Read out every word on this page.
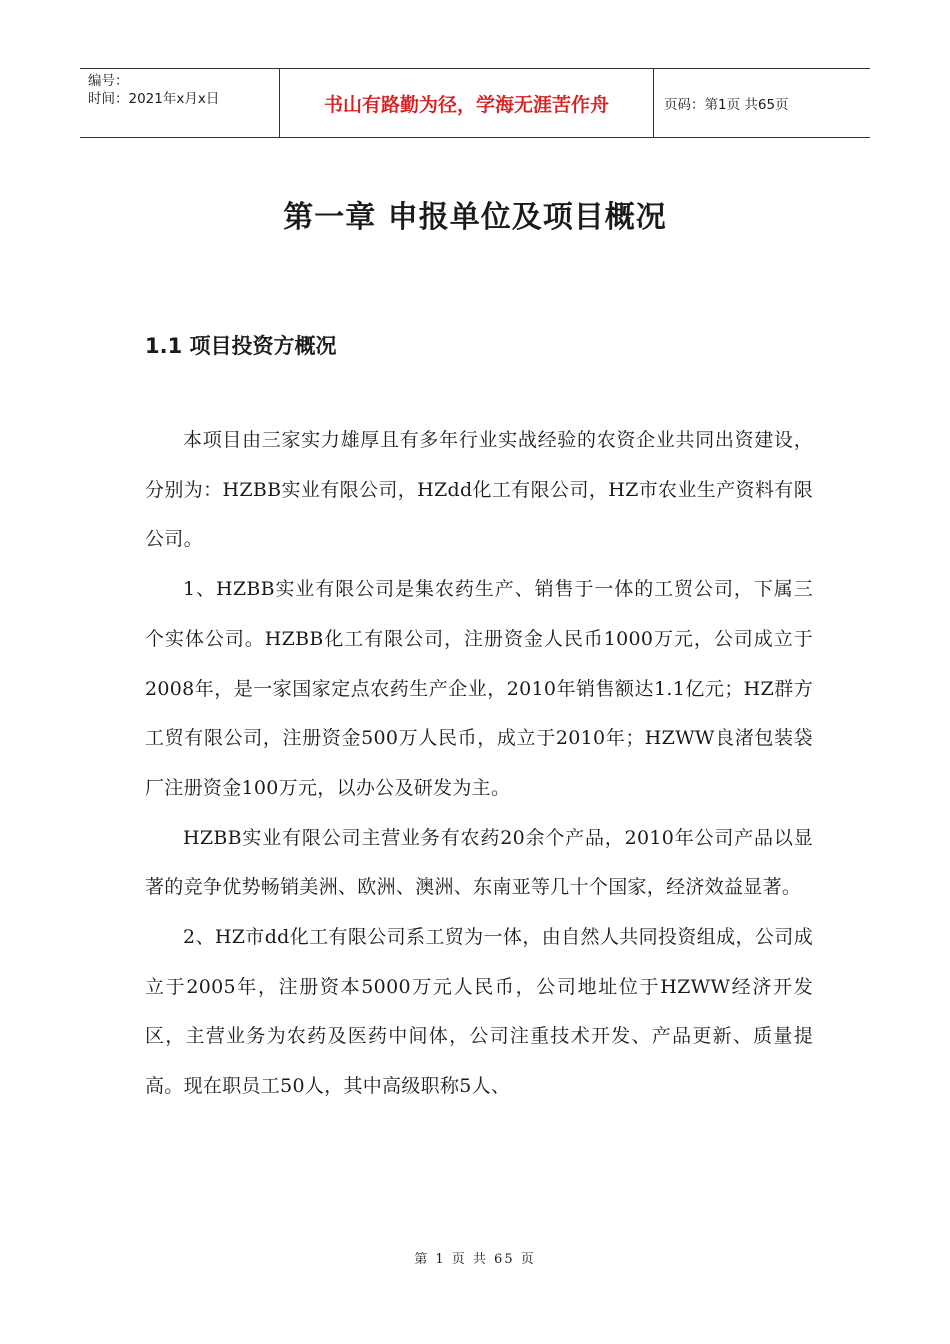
编号：
时间：2021年x月x日	书山有路勤为径，学海无涯苦作舟	页码：第1页 共65页
第一章 申报单位及项目概况
1.1 项目投资方概况

本项目由三家实力雄厚且有多年行业实战经验的农资企业共同出资建设，分别为：HZBB实业有限公司，HZdd化工有限公司，HZ市农业生产资料有限公司。

1、HZBB实业有限公司是集农药生产、销售于一体的工贸公司，下属三个实体公司。HZBB化工有限公司，注册资金人民币1000万元，公司成立于2008年，是一家国家定点农药生产企业，2010年销售额达1.1亿元；HZ群方工贸有限公司，注册资金500万人民币，成立于2010年；HZWW良渚包装袋厂注册资金100万元，以办公及研发为主。

HZBB实业有限公司主营业务有农药20余个产品，2010年公司产品以显著的竞争优势畅销美洲、欧洲、澳洲、东南亚等几十个国家，经济效益显著。

2、HZ市dd化工有限公司系工贸为一体，由自然人共同投资组成，公司成立于2005年，注册资本5000万元人民币，公司地址位于HZWW经济开发区，主营业务为农药及医药中间体，公司注重技术开发、产品更新、质量提高。现在职员工50人，其中高级职称5人、

第 1 页 共 65 页
